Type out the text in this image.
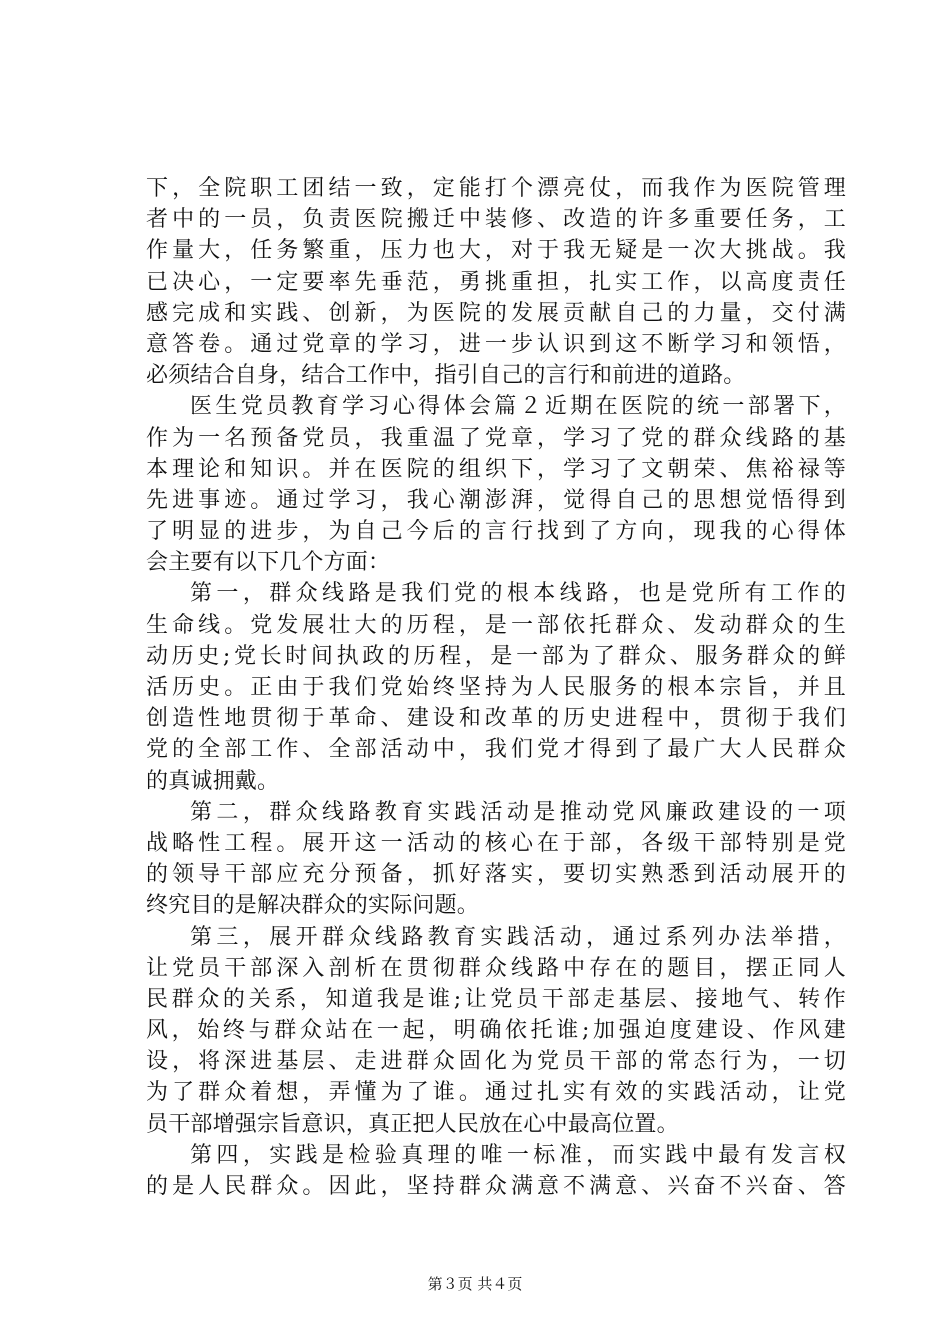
下，全院职工团结一致，定能打个漂亮仗，而我作为医院管理
者中的一员，负责医院搬迁中装修、改造的许多重要任务，工
作量大，任务繁重，压力也大，对于我无疑是一次大挑战。我
已决心，一定要率先垂范，勇挑重担，扎实工作，以高度责任
感完成和实践、创新，为医院的发展贡献自己的力量，交付满
意答卷。通过党章的学习，进一步认识到这不断学习和领悟，
必须结合自身，结合工作中，指引自己的言行和前进的道路。
医生党员教育学习心得体会篇２近期在医院的统一部署下，
作为一名预备党员，我重温了党章，学习了党的群众线路的基
本理论和知识。并在医院的组织下，学习了文朝荣、焦裕禄等
先进事迹。通过学习，我心潮澎湃，觉得自己的思想觉悟得到
了明显的进步，为自己今后的言行找到了方向，现我的心得体
会主要有以下几个方面：
第一，群众线路是我们党的根本线路，也是党所有工作的
生命线。党发展壮大的历程，是一部依托群众、发动群众的生
动历史;党长时间执政的历程，是一部为了群众、服务群众的鲜
活历史。正由于我们党始终坚持为人民服务的根本宗旨，并且
创造性地贯彻于革命、建设和改革的历史进程中，贯彻于我们
党的全部工作、全部活动中，我们党才得到了最广大人民群众
的真诚拥戴。
第二，群众线路教育实践活动是推动党风廉政建设的一项
战略性工程。展开这一活动的核心在于部，各级干部特别是党
的领导干部应充分预备，抓好落实，要切实熟悉到活动展开的
终究目的是解决群众的实际问题。
第三，展开群众线路教育实践活动，通过系列办法举措，
让党员干部深入剖析在贯彻群众线路中存在的题目，摆正同人
民群众的关系，知道我是谁;让党员干部走基层、接地气、转作
风，始终与群众站在一起，明确依托谁;加强迫度建设、作风建
设，将深进基层、走进群众固化为党员干部的常态行为，一切
为了群众着想，弄懂为了谁。通过扎实有效的实践活动，让党
员干部增强宗旨意识，真正把人民放在心中最高位置。
第四，实践是检验真理的唯一标准，而实践中最有发言权
的是人民群众。因此，坚持群众满意不满意、兴奋不兴奋、答
第３页 共４页
